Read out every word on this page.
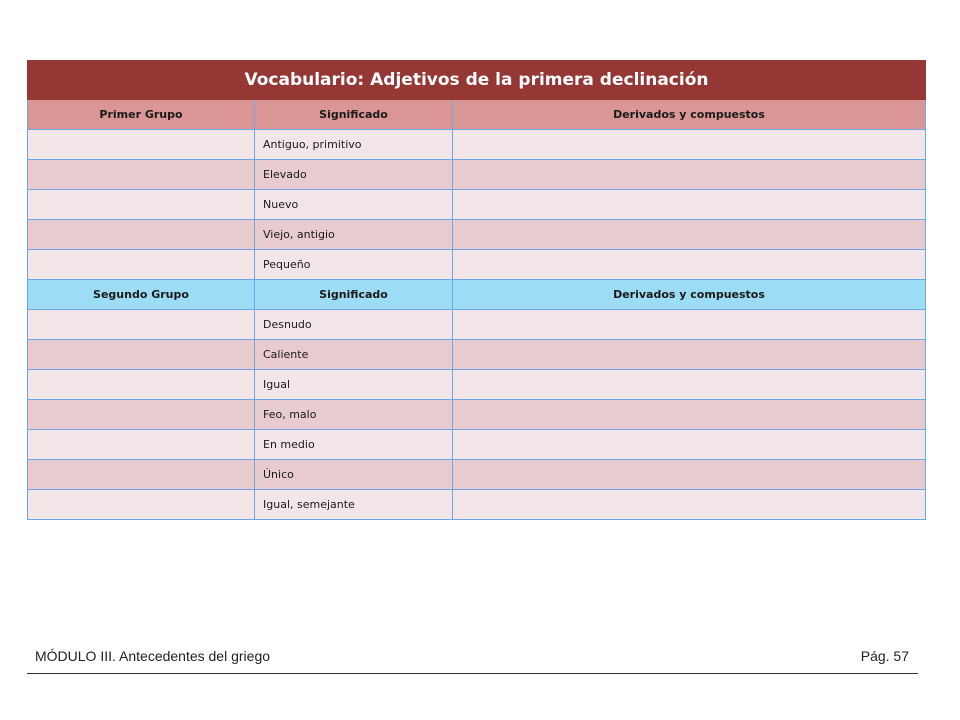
Vocabulario: Adjetivos de la primera declinación		
Primer Grupo	Significado	Derivados y compuestos
	Antiguo, primitivo	
	Elevado	
	Nuevo	
	Viejo, antigio	
	Pequeño	
Segundo Grupo	Significado	Derivados y compuestos
	Desnudo	
	Caliente	
	Igual	
	Feo, malo	
	En medio	
	Único	
	Igual, semejante	
MÓDULO III. Antecedentes del griego	Pág. 57
